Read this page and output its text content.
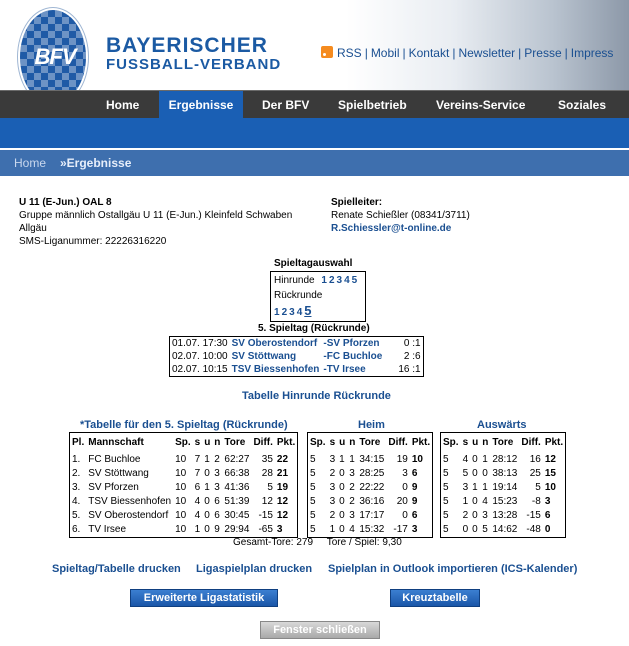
BFV	BAYERISCHER
FUSSBALL-VERBAND
RSS | Mobil | Kontakt | Newsletter | Presse | Impress
Home	Ergebnisse	Der BFV	Spielbetrieb	Vereins-Service	Soziales
Home »Ergebnisse
U 11 (E-Jun.) OAL 8
Gruppe männlich Ostallgäu U 11 (E-Jun.) Kleinfeld Schwaben Allgäu
SMS-Liganummer: 22226316220
Spielleiter:
Renate Schießler (08341/3711)
R.Schiessler@t-online.de
Spieltagauswahl
Hinrunde 1 2 3 4 5
Rückrunde 1 2 3 4 5
5. Spieltag (Rückrunde)
01.07. 17:30	SV Oberostendorf	-SV Pforzen	0 :1
02.07. 10:00	SV Stöttwang	-FC Buchloe	2 :6
02.07. 10:15	TSV Biessenhofen	-TV Irsee	16 :1
Tabelle Hinrunde Rückrunde
*Tabelle für den 5. Spieltag (Rückrunde)	Heim	Auswärts
Pl.	Mannschaft	Sp.	s	u	n	Tore	Diff.	Pkt.
1.	FC Buchloe	10	7	1	2	62:27	35	22
2.	SV Stöttwang	10	7	0	3	66:38	28	21
3.	SV Pforzen	10	6	1	3	41:36	5	19
4.	TSV Biessenhofen	10	4	0	6	51:39	12	12
5.	SV Oberostendorf	10	4	0	6	30:45	-15	12
6.	TV Irsee	10	1	0	9	29:94	-65	3
Sp.	s	u	n	Tore	Diff.	Pkt.
5	3	1	1	34:15	19	10
5	2	0	3	28:25	3	6
5	3	0	2	22:22	0	9
5	3	0	2	36:16	20	9
5	2	0	3	17:17	0	6
5	1	0	4	15:32	-17	3
Sp.	s	u	n	Tore	Diff.	Pkt.
5	4	0	1	28:12	16	12
5	5	0	0	38:13	25	15
5	3	1	1	19:14	5	10
5	1	0	4	15:23	-8	3
5	2	0	3	13:28	-15	6
5	0	0	5	14:62	-48	0
Gesamt-Tore: 279     Tore / Spiel: 9,30
Spieltag/Tabelle drucken Ligaspielplan drucken Spielplan in Outlook importieren (ICS-Kalender)
Erweiterte Ligastatistik	Kreuztabelle
Fenster schließen
